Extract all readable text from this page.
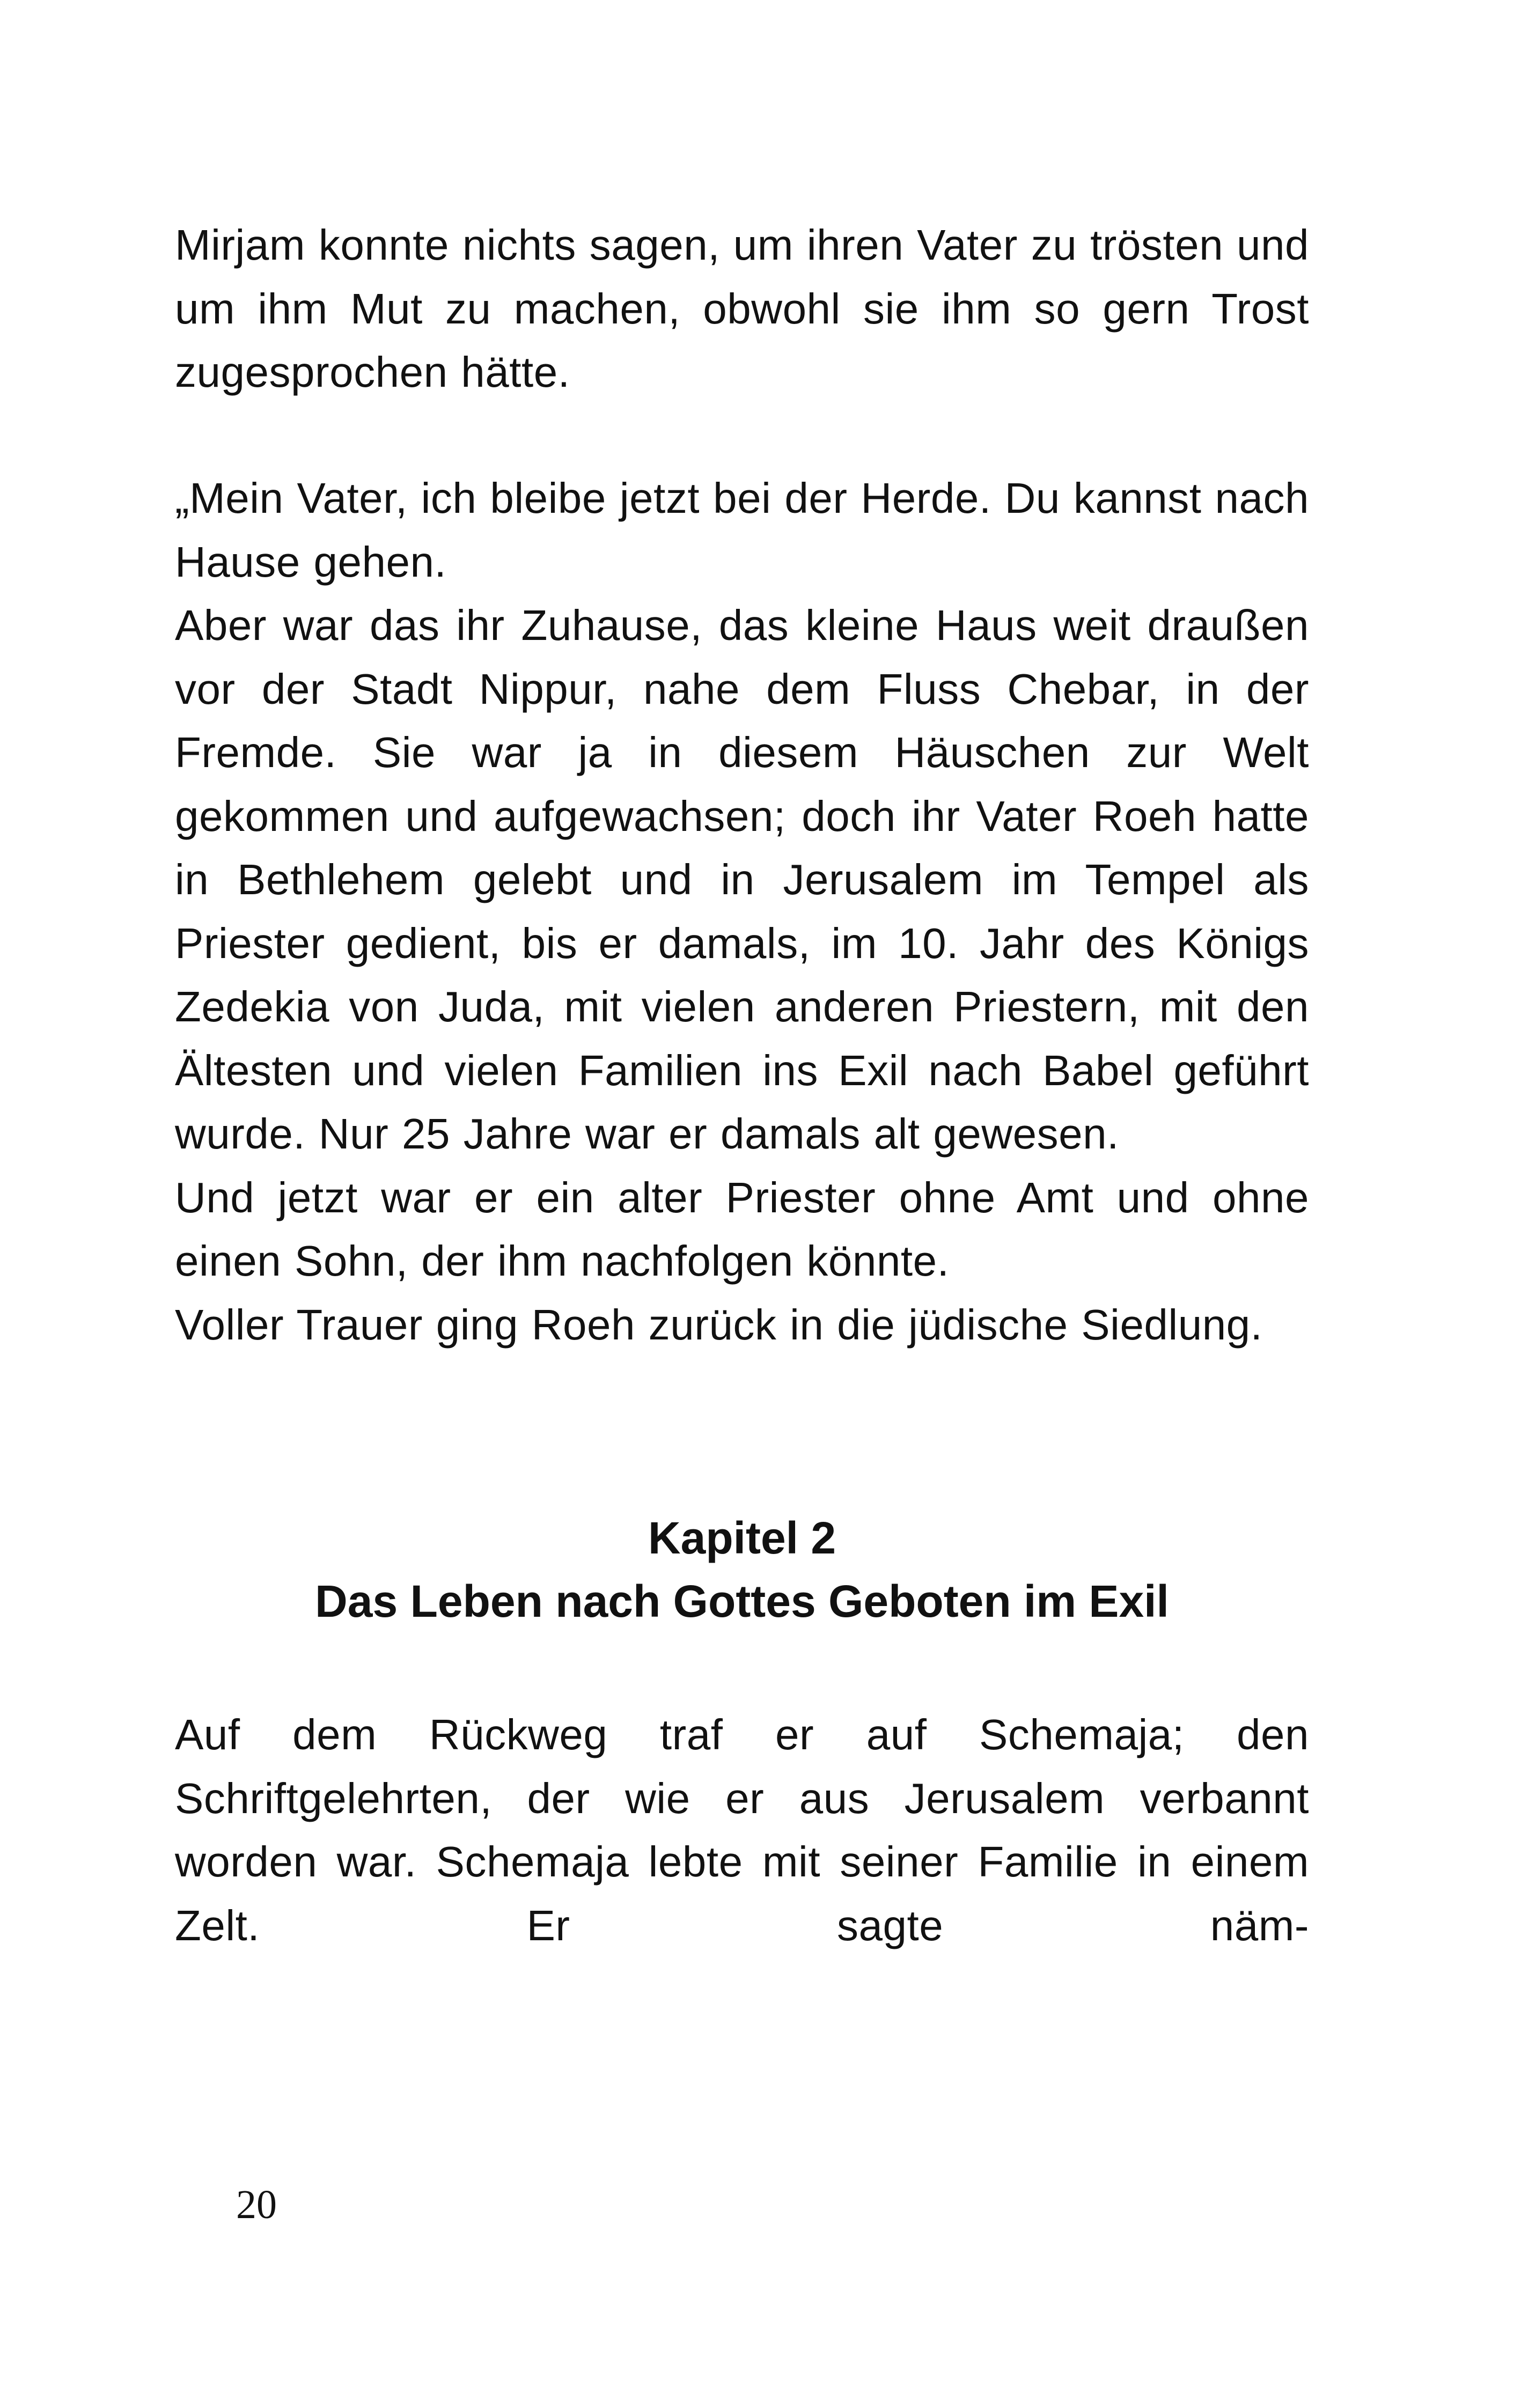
Mirjam konnte nichts sagen, um ihren Vater zu trösten und um ihm Mut zu machen, obwohl sie ihm so gern Trost zugesprochen hätte.

„Mein Vater, ich bleibe jetzt bei der Herde. Du kannst nach Hause gehen.

Aber war das ihr Zuhause, das kleine Haus weit draußen vor der Stadt Nippur, nahe dem Fluss Chebar, in der Fremde. Sie war ja in diesem Häuschen zur Welt gekommen und aufgewachsen; doch ihr Vater Roeh hatte in Bethlehem gelebt und in Jerusalem im Tempel als Priester gedient, bis er damals, im 10. Jahr des Königs Zedekia von Juda, mit vielen anderen Priestern, mit den Ältesten und vielen Familien ins Exil nach Babel geführt wurde. Nur 25 Jahre war er damals alt gewesen.

Und jetzt war er ein alter Priester ohne Amt und ohne einen Sohn, der ihm nachfolgen könnte.

Voller Trauer ging Roeh zurück in die jüdische Siedlung.

Kapitel 2
Das Leben nach Gottes Geboten im Exil

Auf dem Rückweg traf er auf Schemaja; den Schriftgelehrten, der wie er aus Jerusalem verbannt worden war. Schemaja lebte mit seiner Familie in einem Zelt. Er sagte näm-

20
